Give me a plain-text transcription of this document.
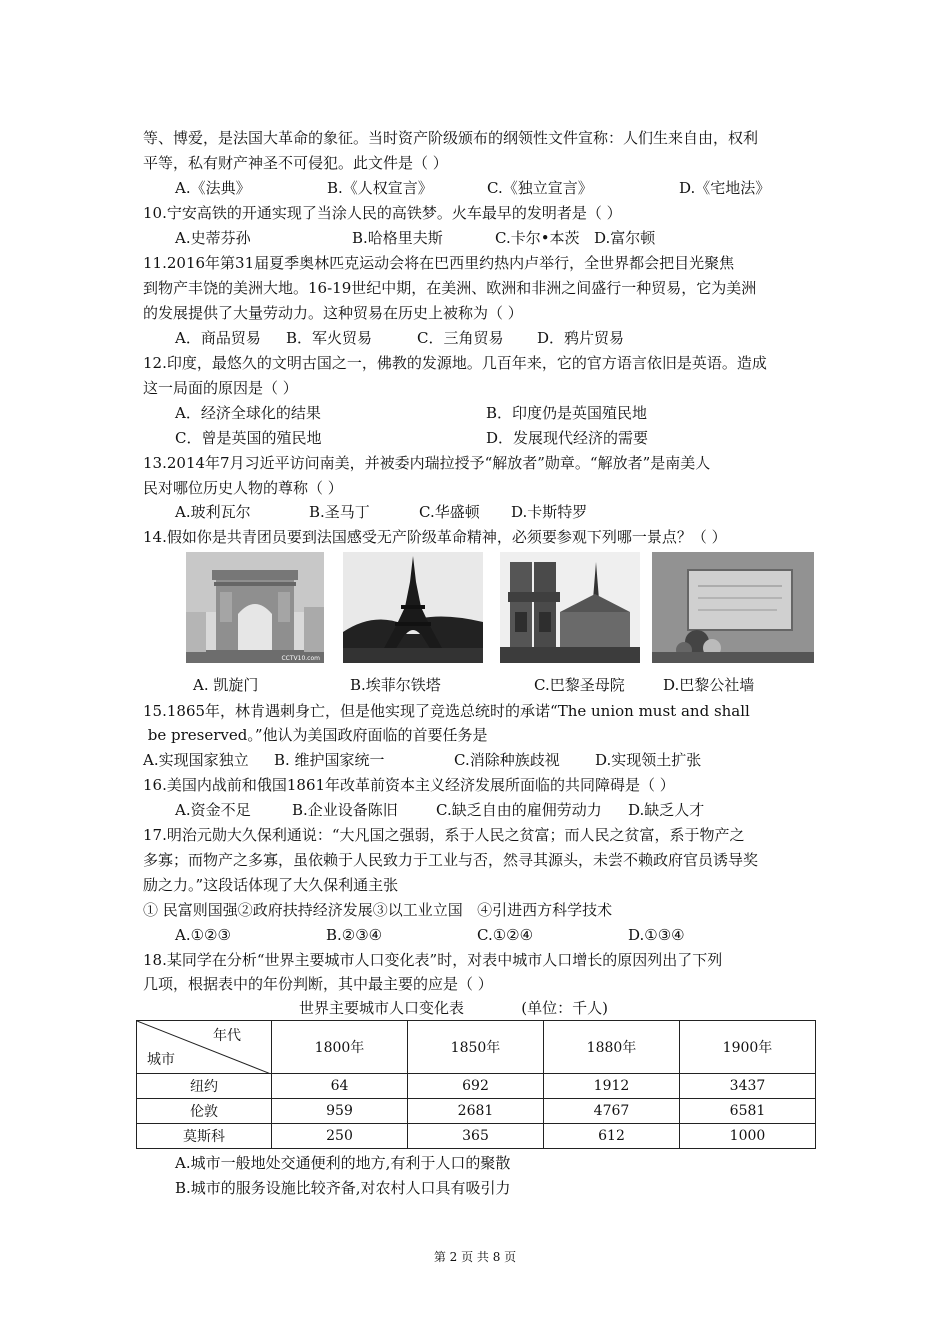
等、博爱，是法国大革命的象征。当时资产阶级颁布的纲领性文件宣称：人们生来自由，权利
平等，私有财产神圣不可侵犯。此文件是（ ）
A.《法典》	B.《人权宣言》	C.《独立宣言》	D.《宅地法》
10.宁安高铁的开通实现了当涂人民的高铁梦。火车最早的发明者是（ ）
A.史蒂芬孙	B.哈格里夫斯	C.卡尔•本茨 D.富尔顿
11.2016年第31届夏季奥林匹克运动会将在巴西里约热内卢举行，全世界都会把目光聚焦
到物产丰饶的美洲大地。16-19世纪中期，在美洲、欧洲和非洲之间盛行一种贸易，它为美洲
的发展提供了大量劳动力。这种贸易在历史上被称为（ ）
A．商品贸易 B．军火贸易	C．三角贸易 D．鸦片贸易
12.印度，最悠久的文明古国之一，佛教的发源地。几百年来，它的官方语言依旧是英语。造成
这一局面的原因是（ ）
A．经济全球化的结果	B．印度仍是英国殖民地
C．曾是英国的殖民地	D．发展现代经济的需要
13.2014年7月习近平访问南美，并被委内瑞拉授予“解放者”勋章。“解放者”是南美人
民对哪位历史人物的尊称（ ）
A.玻利瓦尔	B.圣马丁	C.华盛顿 D.卡斯特罗
14.假如你是共青团员要到法国感受无产阶级革命精神，必须要参观下列哪一景点？（ ）
CCTV10.com
A. 凯旋门	B.埃菲尔铁塔	C.巴黎圣母院	D.巴黎公社墙
15.1865年，林肯遇刺身亡，但是他实现了竞选总统时的承诺“The union must and shall
be preserved。”他认为美国政府面临的首要任务是
A.实现国家独立 B. 维护国家统一	C.消除种族歧视 D.实现领土扩张
16.美国内战前和俄国1861年改革前资本主义经济发展所面临的共同障碍是（ ）
A.资金不足	B.企业设备陈旧	C.缺乏自由的雇佣劳动力 D.缺乏人才
17.明治元勋大久保利通说：“大凡国之强弱，系于人民之贫富；而人民之贫富，系于物产之
多寡；而物产之多寡，虽依赖于人民致力于工业与否，然寻其源头，未尝不赖政府官员诱导奖
励之力。”这段话体现了大久保利通主张
① 民富则国强②政府扶持经济发展③以工业立国   ④引进西方科学技术
A.①②③	B.②③④	C.①②④	D.①③④
18.某同学在分析“世界主要城市人口变化表”时，对表中城市人口增长的原因列出了下列
几项，根据表中的年份判断，其中最主要的应是（ ）
世界主要城市人口变化表            (单位：千人)
年代
城市	1800年	1850年	1880年	1900年
纽约	64	692	1912	3437
伦敦	959	2681	4767	6581
莫斯科	250	365	612	1000
A.城市一般地处交通便利的地方,有利于人口的聚散
B.城市的服务设施比较齐备,对农村人口具有吸引力
第 2 页 共 8 页
